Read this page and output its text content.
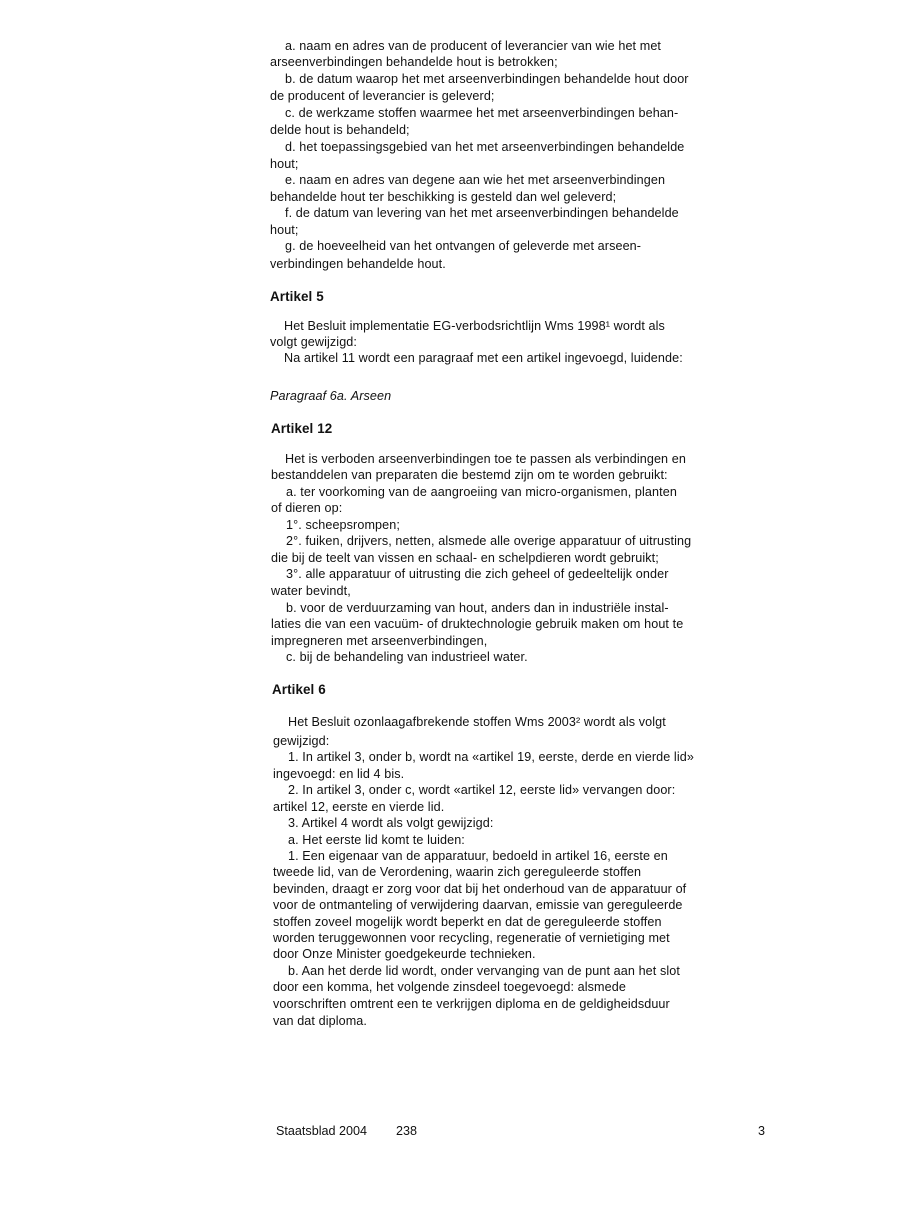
a. naam en adres van de producent of leverancier van wie het met
arseenverbindingen behandelde hout is betrokken;
b. de datum waarop het met arseenverbindingen behandelde hout door
de producent of leverancier is geleverd;
c. de werkzame stoffen waarmee het met arseenverbindingen behan-
delde hout is behandeld;
d. het toepassingsgebied van het met arseenverbindingen behandelde
hout;
e. naam en adres van degene aan wie het met arseenverbindingen
behandelde hout ter beschikking is gesteld dan wel geleverd;
f. de datum van levering van het met arseenverbindingen behandelde
hout;
g. de hoeveelheid van het ontvangen of geleverde met arseen-
verbindingen behandelde hout.
Artikel 5
Het Besluit implementatie EG-verbodsrichtlijn Wms 1998¹ wordt als
volgt gewijzigd:
Na artikel 11 wordt een paragraaf met een artikel ingevoegd, luidende:
Paragraaf 6a. Arseen
Artikel 12
Het is verboden arseenverbindingen toe te passen als verbindingen en
bestanddelen van preparaten die bestemd zijn om te worden gebruikt:
a. ter voorkoming van de aangroeiing van micro-organismen, planten
of dieren op:
1°. scheepsrompen;
2°. fuiken, drijvers, netten, alsmede alle overige apparatuur of uitrusting
die bij de teelt van vissen en schaal- en schelpdieren wordt gebruikt;
3°. alle apparatuur of uitrusting die zich geheel of gedeeltelijk onder
water bevindt,
b. voor de verduurzaming van hout, anders dan in industriële instal-
laties die van een vacuüm- of druktechnologie gebruik maken om hout te
impregneren met arseenverbindingen,
c. bij de behandeling van industrieel water.
Artikel 6
Het Besluit ozonlaagafbrekende stoffen Wms 2003² wordt als volgt
gewijzigd:
1. In artikel 3, onder b, wordt na «artikel 19, eerste, derde en vierde lid»
ingevoegd: en lid 4 bis.
2. In artikel 3, onder c, wordt «artikel 12, eerste lid» vervangen door:
artikel 12, eerste en vierde lid.
3. Artikel 4 wordt als volgt gewijzigd:
a. Het eerste lid komt te luiden:
1. Een eigenaar van de apparatuur, bedoeld in artikel 16, eerste en
tweede lid, van de Verordening, waarin zich gereguleerde stoffen
bevinden, draagt er zorg voor dat bij het onderhoud van de apparatuur of
voor de ontmanteling of verwijdering daarvan, emissie van gereguleerde
stoffen zoveel mogelijk wordt beperkt en dat de gereguleerde stoffen
worden teruggewonnen voor recycling, regeneratie of vernietiging met
door Onze Minister goedgekeurde technieken.
b. Aan het derde lid wordt, onder vervanging van de punt aan het slot
door een komma, het volgende zinsdeel toegevoegd: alsmede
voorschriften omtrent een te verkrijgen diploma en de geldigheidsduur
van dat diploma.
Staatsblad 2004 238	3
